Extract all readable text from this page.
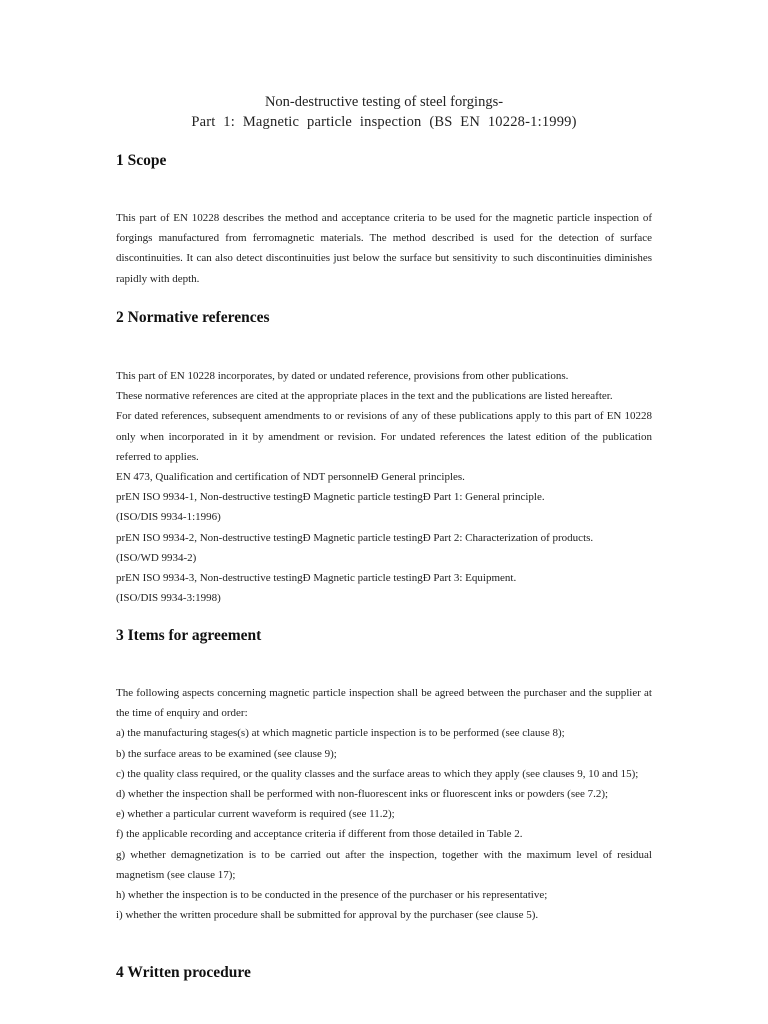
Non-destructive testing of steel forgings-
Part 1: Magnetic particle inspection (BS EN 10228-1:1999)
1 Scope

This part of EN 10228 describes the method and acceptance criteria to be used for the magnetic particle inspection of forgings manufactured from ferromagnetic materials. The method described is used for the detection of surface discontinuities. It can also detect discontinuities just below the surface but sensitivity to such discontinuities diminishes rapidly with depth.

2 Normative references

This part of EN 10228 incorporates, by dated or undated reference, provisions from other publications.

These normative references are cited at the appropriate places in the text and the publications are listed hereafter.

For dated references, subsequent amendments to or revisions of any of these publications apply to this part of EN 10228 only when incorporated in it by amendment or revision. For undated references the latest edition of the publication referred to applies.

EN 473, Qualification and certification of NDT personnelÐ General principles.

prEN ISO 9934-1, Non-destructive testingÐ Magnetic particle testingÐ Part 1: General principle.

(ISO/DIS 9934-1:1996)

prEN ISO 9934-2, Non-destructive testingÐ Magnetic particle testingÐ Part 2: Characterization of products.

(ISO/WD 9934-2)

prEN ISO 9934-3, Non-destructive testingÐ Magnetic particle testingÐ Part 3: Equipment.

(ISO/DIS 9934-3:1998)

3 Items for agreement

The following aspects concerning magnetic particle inspection shall be agreed between the purchaser and the supplier at the time of enquiry and order:

a) the manufacturing stages(s) at which magnetic particle inspection is to be performed (see clause 8);

b) the surface areas to be examined (see clause 9);

c) the quality class required, or the quality classes and the surface areas to which they apply (see clauses 9, 10 and 15);

d) whether the inspection shall be performed with non-fluorescent inks or fluorescent inks or powders (see 7.2);

e) whether a particular current waveform is required (see 11.2);

f) the applicable recording and acceptance criteria if different from those detailed in Table 2.

g) whether demagnetization is to be carried out after the inspection, together with the maximum level of residual magnetism (see clause 17);

h) whether the inspection is to be conducted in the presence of the purchaser or his representative;

i) whether the written procedure shall be submitted for approval by the purchaser (see clause 5).

4 Written procedure
